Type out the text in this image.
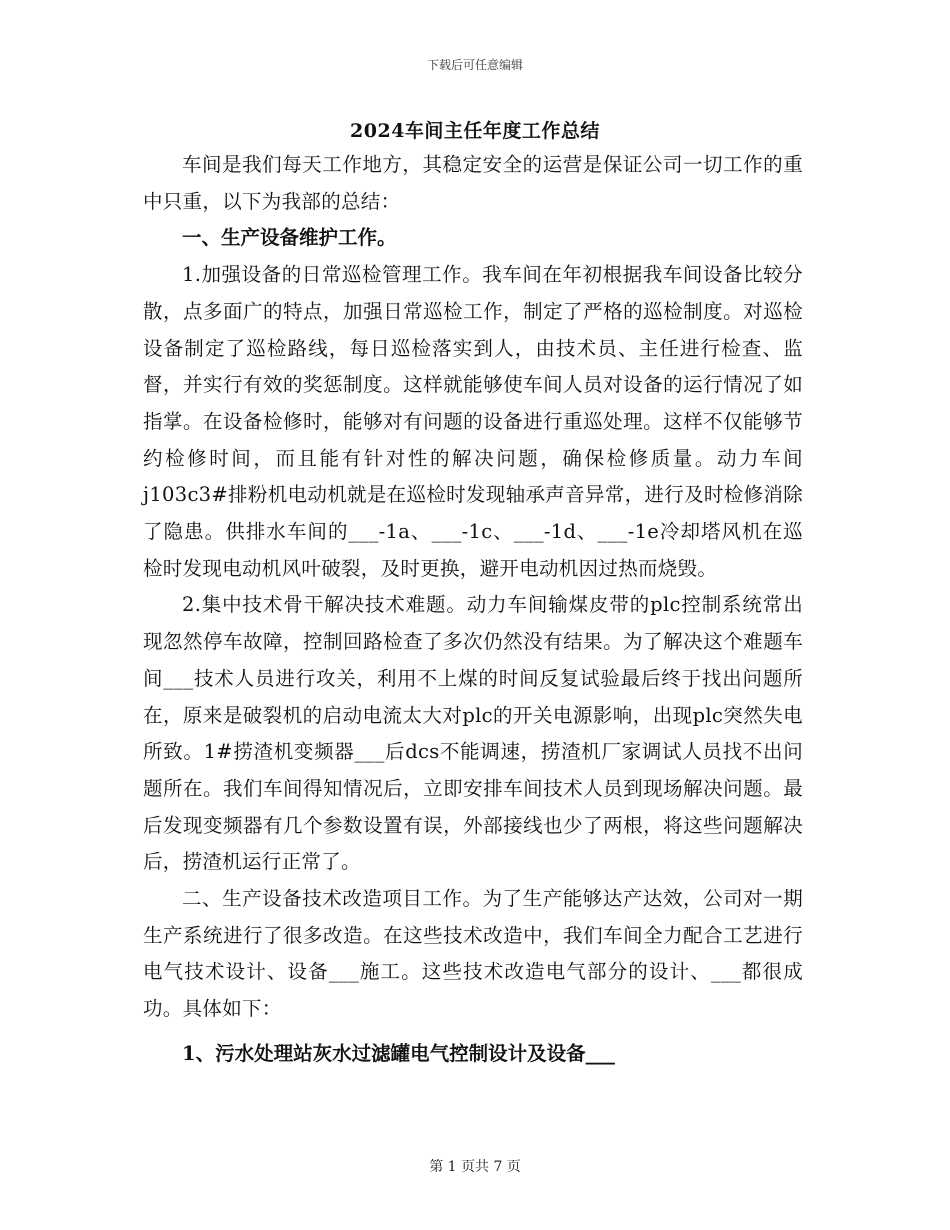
下载后可任意编辑
2024车间主任年度工作总结

车间是我们每天工作地方，其稳定安全的运营是保证公司一切工作的重中只重，以下为我部的总结：

一、生产设备维护工作。

1.加强设备的日常巡检管理工作。我车间在年初根据我车间设备比较分散，点多面广的特点，加强日常巡检工作，制定了严格的巡检制度。对巡检设备制定了巡检路线，每日巡检落实到人，由技术员、主任进行检查、监督，并实行有效的奖惩制度。这样就能够使车间人员对设备的运行情况了如指掌。在设备检修时，能够对有问题的设备进行重巡处理。这样不仅能够节约检修时间，而且能有针对性的解决问题，确保检修质量。动力车间j103c3#排粉机电动机就是在巡检时发现轴承声音异常，进行及时检修消除了隐患。供排水车间的___-1a、___-1c、___-1d、___-1e冷却塔风机在巡检时发现电动机风叶破裂，及时更换，避开电动机因过热而烧毁。

2.集中技术骨干解决技术难题。动力车间输煤皮带的plc控制系统常出现忽然停车故障，控制回路检查了多次仍然没有结果。为了解决这个难题车间___技术人员进行攻关，利用不上煤的时间反复试验最后终于找出问题所在，原来是破裂机的启动电流太大对plc的开关电源影响，出现plc突然失电所致。1#捞渣机变频器___后dcs不能调速，捞渣机厂家调试人员找不出问题所在。我们车间得知情况后，立即安排车间技术人员到现场解决问题。最后发现变频器有几个参数设置有误，外部接线也少了两根，将这些问题解决后，捞渣机运行正常了。

二、生产设备技术改造项目工作。为了生产能够达产达效，公司对一期生产系统进行了很多改造。在这些技术改造中，我们车间全力配合工艺进行电气技术设计、设备___施工。这些技术改造电气部分的设计、___都很成功。具体如下：

1、污水处理站灰水过滤罐电气控制设计及设备___

第 1 页共 7 页
